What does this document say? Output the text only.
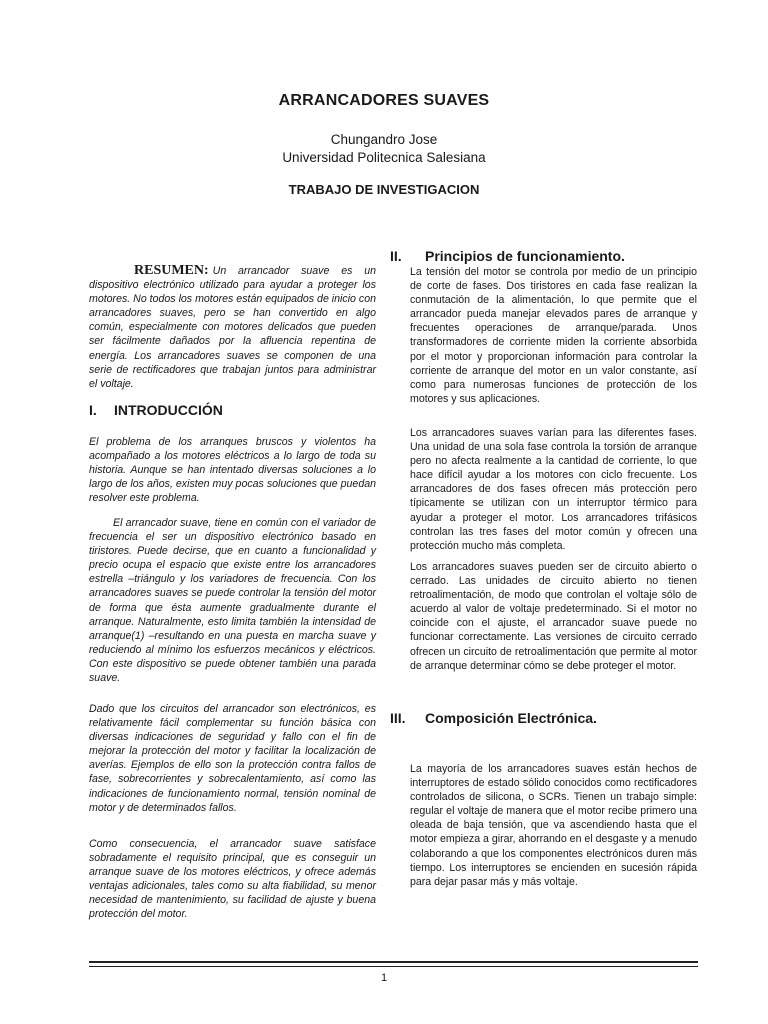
ARRANCADORES SUAVES
Chungandro Jose
Universidad Politecnica Salesiana
TRABAJO DE INVESTIGACION

RESUMEN: Un arrancador suave es un dispositivo electrónico utilizado para ayudar a proteger los motores. No todos los motores están equipados de inicio con arrancadores suaves, pero se han convertido en algo común, especialmente con motores delicados que pueden ser fácilmente dañados por la afluencia repentina de energía. Los arrancadores suaves se componen de una serie de rectificadores que trabajan juntos para administrar el voltaje.

I. INTRODUCCIÓN

El problema de los arranques bruscos y violentos ha acompañado a los motores eléctricos a lo largo de toda su historia. Aunque se han intentado diversas soluciones a lo largo de los años, existen muy pocas soluciones que puedan resolver este problema.

El arrancador suave, tiene en común con el variador de frecuencia el ser un dispositivo electrónico basado en tiristores. Puede decirse, que en cuanto a funcionalidad y precio ocupa el espacio que existe entre los arrancadores estrella –triángulo y los variadores de frecuencia. Con los arrancadores suaves se puede controlar la tensión del motor de forma que ésta aumente gradualmente durante el arranque. Naturalmente, esto limita también la intensidad de arranque(1) –resultando en una puesta en marcha suave y reduciendo al mínimo los esfuerzos mecánicos y eléctricos. Con este dispositivo se puede obtener también una parada suave.

Dado que los circuitos del arrancador son electrónicos, es relativamente fácil complementar su función básica con diversas indicaciones de seguridad y fallo con el fin de mejorar la protección del motor y facilitar la localización de averías. Ejemplos de ello son la protección contra fallos de fase, sobrecorrientes y sobrecalentamiento, así como las indicaciones de funcionamiento normal, tensión nominal de motor y de determinados fallos.

Como consecuencia, el arrancador suave satisface sobradamente el requisito principal, que es conseguir un arranque suave de los motores eléctricos, y ofrece además ventajas adicionales, tales como su alta fiabilidad, su menor necesidad de mantenimiento, su facilidad de ajuste y buena protección del motor.

II. Principios de funcionamiento.

La tensión del motor se controla por medio de un principio de corte de fases. Dos tiristores en cada fase realizan la conmutación de la alimentación, lo que permite que el arrancador pueda manejar elevados pares de arranque y frecuentes operaciones de arranque/parada. Unos transformadores de corriente miden la corriente absorbida por el motor y proporcionan información para controlar la corriente de arranque del motor en un valor constante, así como para numerosas funciones de protección de los motores y sus aplicaciones.

Los arrancadores suaves varían para las diferentes fases. Una unidad de una sola fase controla la torsión de arranque pero no afecta realmente a la cantidad de corriente, lo que hace difícil ayudar a los motores con ciclo frecuente. Los arrancadores de dos fases ofrecen más protección pero típicamente se utilizan con un interruptor térmico para ayudar a proteger el motor. Los arrancadores trifásicos controlan las tres fases del motor común y ofrecen una protección mucho más completa.

Los arrancadores suaves pueden ser de circuito abierto o cerrado. Las unidades de circuito abierto no tienen retroalimentación, de modo que controlan el voltaje sólo de acuerdo al valor de voltaje predeterminado. Si el motor no coincide con el ajuste, el arrancador suave puede no funcionar correctamente. Las versiones de circuito cerrado ofrecen un circuito de retroalimentación que permite al motor de arranque determinar cómo se debe proteger el motor.

III. Composición Electrónica.

La mayoría de los arrancadores suaves están hechos de interruptores de estado sólido conocidos como rectificadores controlados de silicona, o SCRs. Tienen un trabajo simple: regular el voltaje de manera que el motor recibe primero una oleada de baja tensión, que va ascendiendo hasta que el motor empieza a girar, ahorrando en el desgaste y a menudo colaborando a que los componentes electrónicos duren más tiempo. Los interruptores se encienden en sucesión rápida para dejar pasar más y más voltaje.

1
